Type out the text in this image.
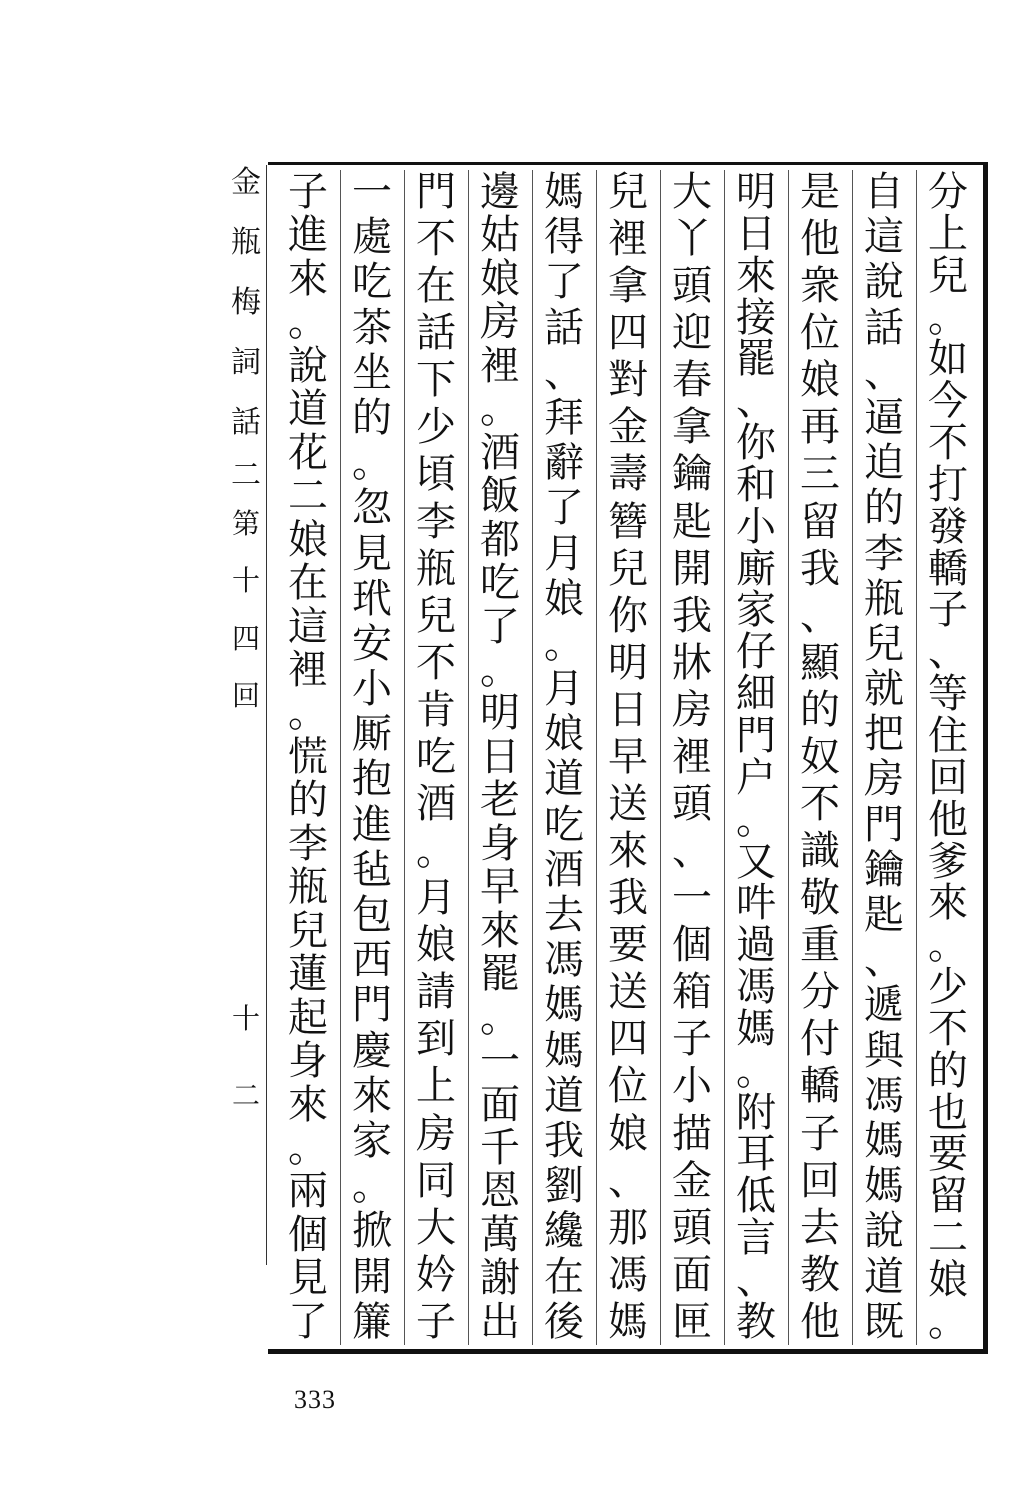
金
瓶
梅
詞
話
二
第
十
四
回
十
二
分
上
兒
。
如
今
不
打
發
轎
子
、
等
住
回
他
爹
來
。
少
不
的
也
要
留
二
娘
。
自
這
說
話
、
逼
迫
的
李
瓶
兒
就
把
房
門
鑰
匙
、
遞
與
馮
媽
媽
說
道
既
是
他
衆
位
娘
再
三
留
我
、
顯
的
奴
不
識
敬
重
分
付
轎
子
回
去
教
他
明
日
來
接
罷
、
你
和
小
廝
家
仔
細
門
户
。
又
吽
過
馮
媽
。
附
耳
低
言
、
教
大
丫
頭
迎
春
拿
鑰
匙
開
我
牀
房
裡
頭
、
一
個
箱
子
小
描
金
頭
面
匣
兒
裡
拿
四
對
金
壽
簪
兒
你
明
日
早
送
來
我
要
送
四
位
娘
、
那
馮
媽
媽
得
了
話
、
拜
辭
了
月
娘
。
月
娘
道
吃
酒
去
馮
媽
媽
道
我
劉
纔
在
後
邊
姑
娘
房
裡
。
酒
飯
都
吃
了
。
明
日
老
身
早
來
罷
。
一
面
千
恩
萬
謝
出
門
不
在
話
下
少
頃
李
瓶
兒
不
肯
吃
酒
。
月
娘
請
到
上
房
同
大
妗
子
一
處
吃
茶
坐
的
。
忽
見
玳
安
小
厮
抱
進
毡
包
西
門
慶
來
家
。
掀
開
簾
子
進
來
。
說
道
花
二
娘
在
這
裡
。
慌
的
李
瓶
兒
蓮
起
身
來
。
兩
個
見
了
333
